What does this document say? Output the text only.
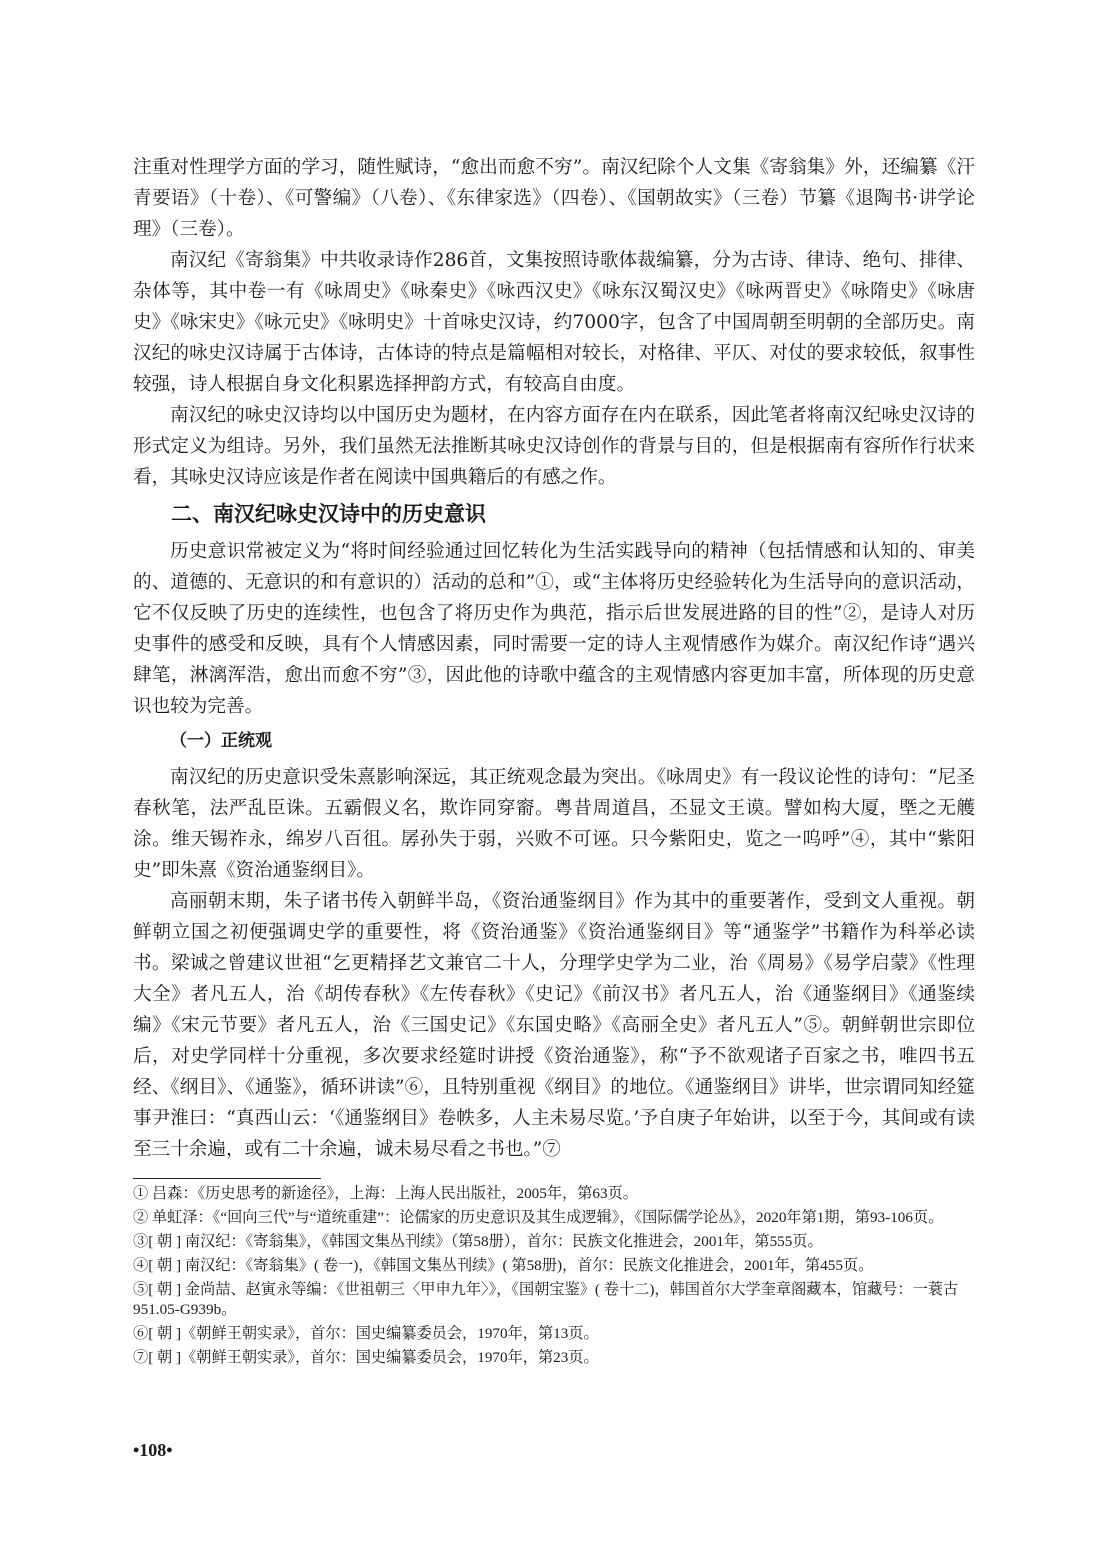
注重对性理学方面的学习，随性赋诗，“愈出而愈不穷”。南汉纪除个人文集《寄翁集》外，还编纂《汗青要语》（十卷）、《可警编》（八卷）、《东律家选》（四卷）、《国朝故实》（三卷）节纂《退陶书·讲学论理》（三卷）。

南汉纪《寄翁集》中共收录诗作286首，文集按照诗歌体裁编纂，分为古诗、律诗、绝句、排律、杂体等，其中卷一有《咏周史》《咏秦史》《咏西汉史》《咏东汉蜀汉史》《咏两晋史》《咏隋史》《咏唐史》《咏宋史》《咏元史》《咏明史》十首咏史汉诗，约7000字，包含了中国周朝至明朝的全部历史。南汉纪的咏史汉诗属于古体诗，古体诗的特点是篇幅相对较长，对格律、平仄、对仗的要求较低，叙事性较强，诗人根据自身文化积累选择押韵方式，有较高自由度。

南汉纪的咏史汉诗均以中国历史为题材，在内容方面存在内在联系，因此笔者将南汉纪咏史汉诗的形式定义为组诗。另外，我们虽然无法推断其咏史汉诗创作的背景与目的，但是根据南有容所作行状来看，其咏史汉诗应该是作者在阅读中国典籍后的有感之作。

二、南汉纪咏史汉诗中的历史意识

历史意识常被定义为“将时间经验通过回忆转化为生活实践导向的精神（包括情感和认知的、审美的、道德的、无意识的和有意识的）活动的总和”①，或“主体将历史经验转化为生活导向的意识活动，它不仅反映了历史的连续性，也包含了将历史作为典范，指示后世发展进路的目的性”②，是诗人对历史事件的感受和反映，具有个人情感因素，同时需要一定的诗人主观情感作为媒介。南汉纪作诗“遇兴肆笔，淋漓浑浩，愈出而愈不穷”③，因此他的诗歌中蕴含的主观情感内容更加丰富，所体现的历史意识也较为完善。

（一）正统观

南汉纪的历史意识受朱熹影响深远，其正统观念最为突出。《咏周史》有一段议论性的诗句：“尼圣春秋笔，法严乱臣诛。五霸假义名，欺诈同穿窬。粤昔周道昌，丕显文王谟。譬如构大厦，塈之无艧涂。维天锡祚永，绵岁八百徂。孱孙失于弱，兴败不可诬。只今紫阳史，览之一呜呼”④，其中“紫阳史”即朱熹《资治通鉴纲目》。

高丽朝末期，朱子诸书传入朝鲜半岛，《资治通鉴纲目》作为其中的重要著作，受到文人重视。朝鲜朝立国之初便强调史学的重要性，将《资治通鉴》《资治通鉴纲目》等“通鉴学”书籍作为科举必读书。梁诚之曾建议世祖“乞更精择艺文兼官二十人，分理学史学为二业，治《周易》《易学启蒙》《性理大全》者凡五人，治《胡传春秋》《左传春秋》《史记》《前汉书》者凡五人，治《通鉴纲目》《通鉴续编》《宋元节要》者凡五人，治《三国史记》《东国史略》《高丽全史》者凡五人”⑤。朝鲜朝世宗即位后，对史学同样十分重视，多次要求经筵时讲授《资治通鉴》，称“予不欲观诸子百家之书，唯四书五经、《纲目》、《通鉴》，循环讲读”⑥，且特别重视《纲目》的地位。《通鉴纲目》讲毕，世宗谓同知经筵事尹淮曰：“真西山云：‘《通鉴纲目》卷帙多，人主未易尽览。’予自庚子年始讲，以至于今，其间或有读至三十余遍，或有二十余遍，诚未易尽看之书也。”⑦

① 吕森：《历史思考的新途径》，上海：上海人民出版社，2005年，第63页。

② 单虹泽：《“回向三代”与“道统重建”：论儒家的历史意识及其生成逻辑》，《国际儒学论丛》，2020年第1期，第93-106页。

③[ 朝 ] 南汉纪：《寄翁集》，《韩国文集丛刊续》（第58册），首尔：民族文化推进会，2001年，第555页。

④[ 朝 ] 南汉纪：《寄翁集》( 卷一)，《韩国文集丛刊续》( 第58册)，首尔：民族文化推进会，2001年，第455页。

⑤[ 朝 ] 金尚喆、赵寅永等编：《世祖朝三〈甲申九年〉》，《国朝宝鉴》( 卷十二)，韩国首尔大学奎章阁藏本，馆藏号：一蓑古 951.05-G939b。

⑥[ 朝 ]《朝鲜王朝实录》，首尔：国史编纂委员会，1970年，第13页。

⑦[ 朝 ]《朝鲜王朝实录》，首尔：国史编纂委员会，1970年，第23页。

•108•
